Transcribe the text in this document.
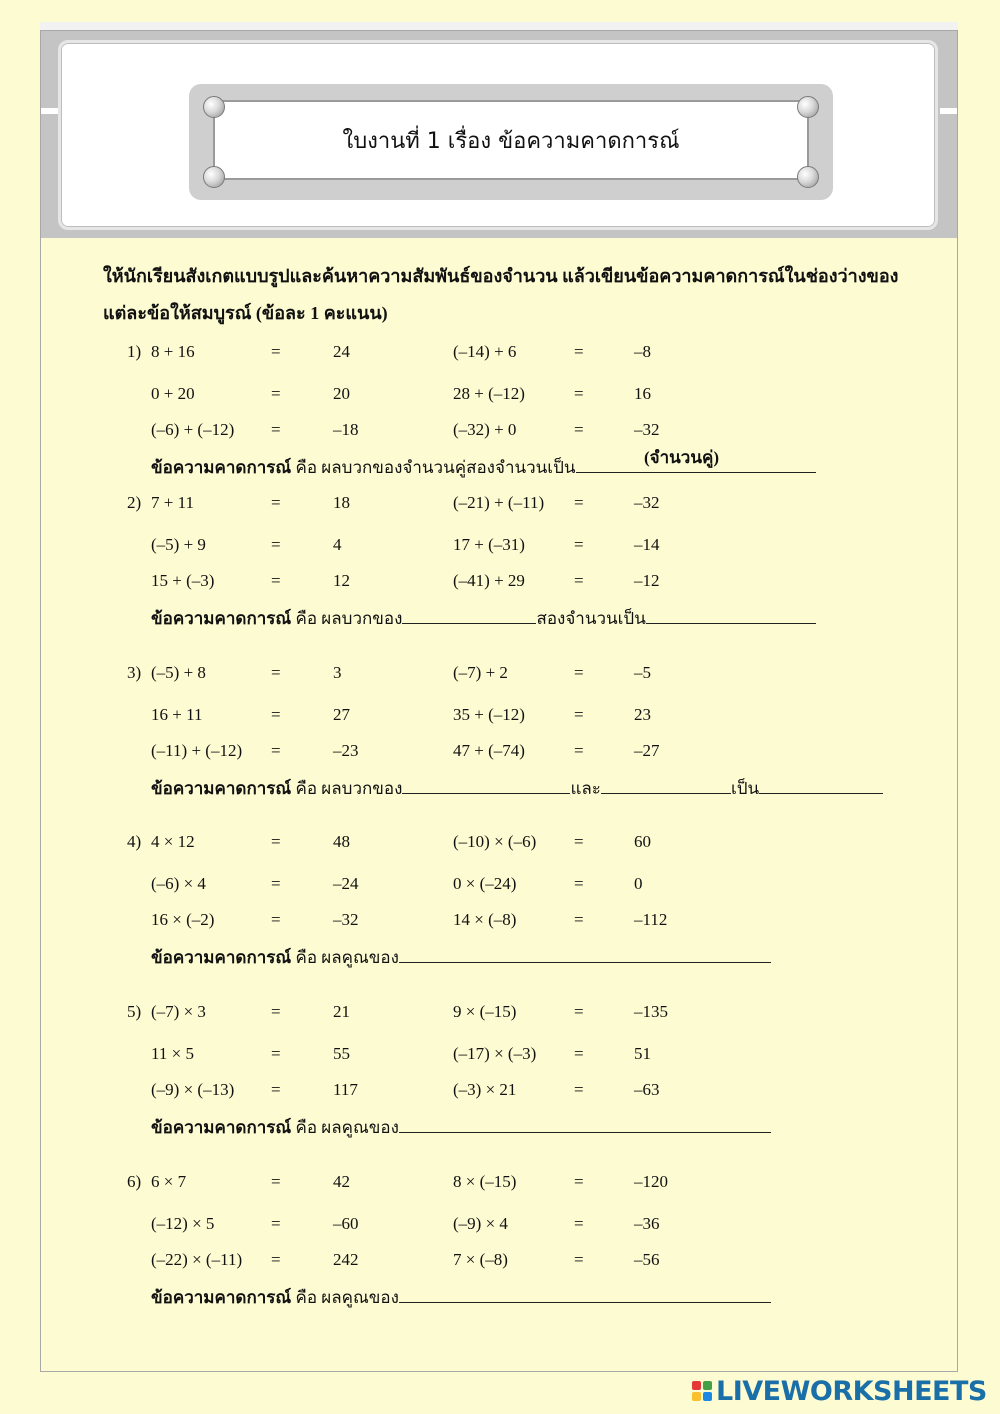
ใบงานที่ 1 เรื่อง ข้อความคาดการณ์
ให้นักเรียนสังเกตแบบรูปและค้นหาความสัมพันธ์ของจำนวน แล้วเขียนข้อความคาดการณ์ในช่องว่างของแต่ละข้อให้สมบูรณ์ (ข้อละ 1 คะแนน)
1) 8 + 16	=	24	(–14) + 6	=	–8
0 + 20	=	20	28 + (–12)	=	16
(–6) + (–12) =	–18	(–32) + 0	=	–32
ข้อความคาดการณ์ คือ ผลบวกของจำนวนคู่สองจำนวนเป็น
(จำนวนคู่)
2) 7 + 11	=	18	(–21) + (–11) =	–32
(–5) + 9	=	4	17 + (–31)	=	–14
15 + (–3)	=	12	(–41) + 29	=	–12
ข้อความคาดการณ์ คือ ผลบวกของ	สองจำนวนเป็น
3) (–5) + 8	=	3	(–7) + 2	=	–5
16 + 11	=	27	35 + (–12)	=	23
(–11) + (–12) =	–23	47 + (–74)	=	–27
ข้อความคาดการณ์ คือ ผลบวกของ	และ	เป็น
4) 4 × 12	=	48	(–10) × (–6) =	60
(–6) × 4	=	–24	0 × (–24)	=	0
16 × (–2)	=	–32	14 × (–8)	=	–112
ข้อความคาดการณ์ คือ ผลคูณของ
5) (–7) × 3	=	21	9 × (–15)	=	–135
11 × 5	=	55	(–17) × (–3) =	51
(–9) × (–13) =	117	(–3) × 21	=	–63
ข้อความคาดการณ์ คือ ผลคูณของ
6) 6 × 7	=	42	8 × (–15)	=	–120
(–12) × 5	=	–60	(–9) × 4	=	–36
(–22) × (–11) =	242	7 × (–8)	=	–56
ข้อความคาดการณ์ คือ ผลคูณของ
LIVEWORKSHEETS
